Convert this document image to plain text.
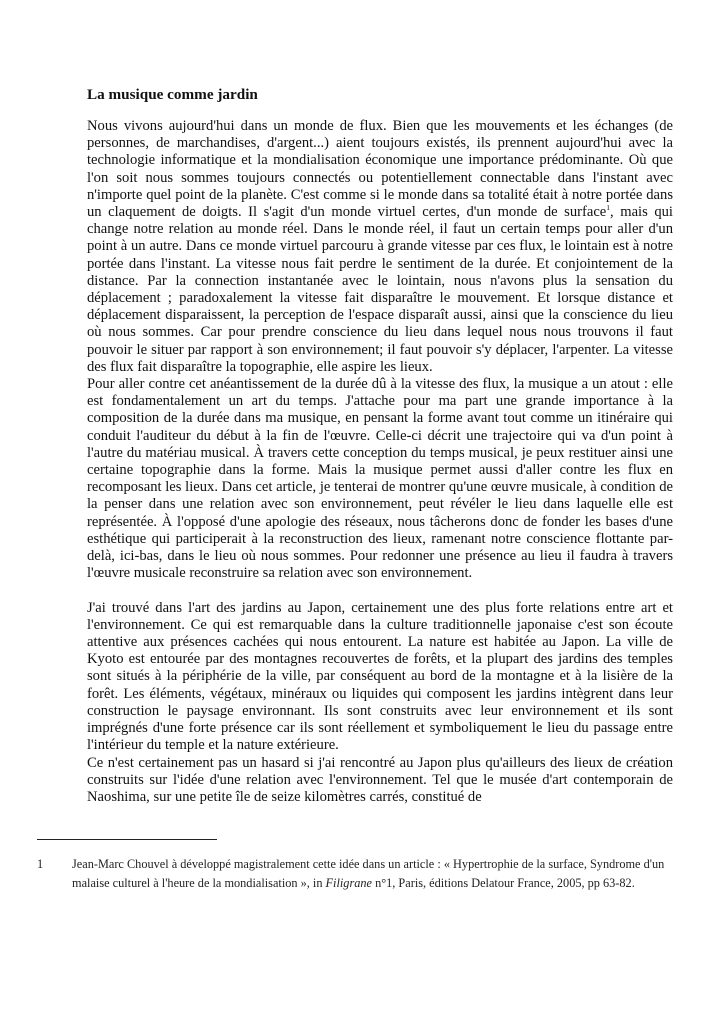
La musique comme jardin

Nous vivons aujourd'hui dans un monde de flux. Bien que les mouvements et les échanges (de personnes, de marchandises, d'argent...) aient toujours existés, ils prennent aujourd'hui avec la technologie informatique et la mondialisation économique une importance prédominante. Où que l'on soit nous sommes toujours connectés ou potentiellement connectable dans l'instant avec n'importe quel point de la planète. C'est comme si le monde dans sa totalité était à notre portée dans un claquement de doigts. Il s'agit d'un monde virtuel certes, d'un monde de surface$^1$, mais qui change notre relation au monde réel. Dans le monde réel, il faut un certain temps pour aller d'un point à un autre. Dans ce monde virtuel parcouru à grande vitesse par ces flux, le lointain est à notre portée dans l'instant. La vitesse nous fait perdre le sentiment de la durée. Et conjointement de la distance. Par la connection instantanée avec le lointain, nous n'avons plus la sensation du déplacement ; paradoxalement la vitesse fait disparaître le mouvement. Et lorsque distance et déplacement disparaissent, la perception de l'espace disparaît aussi, ainsi que la conscience du lieu où nous sommes. Car pour prendre conscience du lieu dans lequel nous nous trouvons il faut pouvoir le situer par rapport à son environnement; il faut pouvoir s'y déplacer, l'arpenter. La vitesse des flux fait disparaître la topographie, elle aspire les lieux.

Pour aller contre cet anéantissement de la durée dû à la vitesse des flux, la musique a un atout : elle est fondamentalement un art du temps. J'attache pour ma part une grande importance à la composition de la durée dans ma musique, en pensant la forme avant tout comme un itinéraire qui conduit l'auditeur du début à la fin de l'œuvre. Celle-ci décrit une trajectoire qui va d'un point à l'autre du matériau musical. À travers cette conception du temps musical, je peux restituer ainsi une certaine topographie dans la forme. Mais la musique permet aussi d'aller contre les flux en recomposant les lieux. Dans cet article, je tenterai de montrer qu'une œuvre musicale, à condition de la penser dans une relation avec son environnement, peut révéler le lieu dans laquelle elle est représentée. À l'opposé d'une apologie des réseaux, nous tâcherons donc de fonder les bases d'une esthétique qui participerait à la reconstruction des lieux, ramenant notre conscience flottante par-delà, ici-bas, dans le lieu où nous sommes. Pour redonner une présence au lieu il faudra à travers l'œuvre musicale reconstruire sa relation avec son environnement.

J'ai trouvé dans l'art des jardins au Japon, certainement une des plus forte relations entre art et l'environnement. Ce qui est remarquable dans la culture traditionnelle japonaise c'est son écoute attentive aux présences cachées qui nous entourent. La nature est habitée au Japon. La ville de Kyoto est entourée par des montagnes recouvertes de forêts, et la plupart des jardins des temples sont situés à la périphérie de la ville, par conséquent au bord de la montagne et à la lisière de la forêt. Les éléments, végétaux, minéraux ou liquides qui composent les jardins intègrent dans leur construction le paysage environnant. Ils sont construits avec leur environnement et ils sont imprégnés d'une forte présence car ils sont réellement et symboliquement le lieu du passage entre l'intérieur du temple et la nature extérieure.

Ce n'est certainement pas un hasard si j'ai rencontré au Japon plus qu'ailleurs des lieux de création construits sur l'idée d'une relation avec l'environnement. Tel que le musée d'art contemporain de Naoshima, sur une petite île de seize kilomètres carrés, constitué de

1 Jean-Marc Chouvel à développé magistralement cette idée dans un article : « Hypertrophie de la surface, Syndrome d'un malaise culturel à l'heure de la mondialisation », in Filigrane n°1, Paris, éditions Delatour France, 2005, pp 63-82.
